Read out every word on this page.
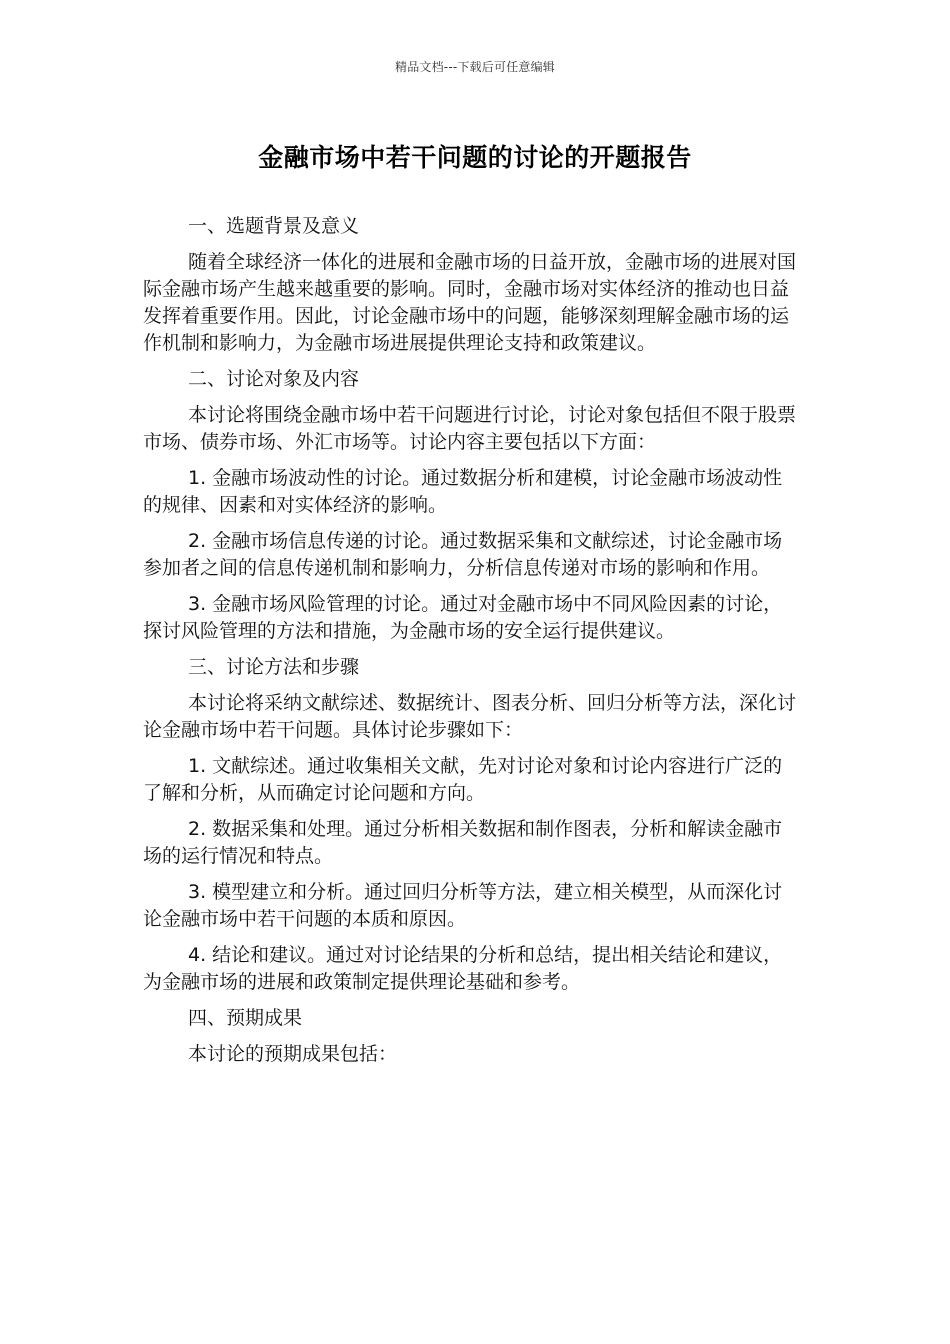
精品文档---下载后可任意编辑
金融市场中若干问题的讨论的开题报告

一、选题背景及意义

随着全球经济一体化的进展和金融市场的日益开放，金融市场的进展对国际金融市场产生越来越重要的影响。同时，金融市场对实体经济的推动也日益发挥着重要作用。因此，讨论金融市场中的问题，能够深刻理解金融市场的运作机制和影响力，为金融市场进展提供理论支持和政策建议。

二、讨论对象及内容

本讨论将围绕金融市场中若干问题进行讨论，讨论对象包括但不限于股票市场、债券市场、外汇市场等。讨论内容主要包括以下方面：

1. 金融市场波动性的讨论。通过数据分析和建模，讨论金融市场波动性的规律、因素和对实体经济的影响。

2. 金融市场信息传递的讨论。通过数据采集和文献综述，讨论金融市场参加者之间的信息传递机制和影响力，分析信息传递对市场的影响和作用。

3. 金融市场风险管理的讨论。通过对金融市场中不同风险因素的讨论，探讨风险管理的方法和措施，为金融市场的安全运行提供建议。

三、讨论方法和步骤

本讨论将采纳文献综述、数据统计、图表分析、回归分析等方法，深化讨论金融市场中若干问题。具体讨论步骤如下：

1. 文献综述。通过收集相关文献，先对讨论对象和讨论内容进行广泛的了解和分析，从而确定讨论问题和方向。

2. 数据采集和处理。通过分析相关数据和制作图表，分析和解读金融市场的运行情况和特点。

3. 模型建立和分析。通过回归分析等方法，建立相关模型，从而深化讨论金融市场中若干问题的本质和原因。

4. 结论和建议。通过对讨论结果的分析和总结，提出相关结论和建议，为金融市场的进展和政策制定提供理论基础和参考。

四、预期成果

本讨论的预期成果包括：
